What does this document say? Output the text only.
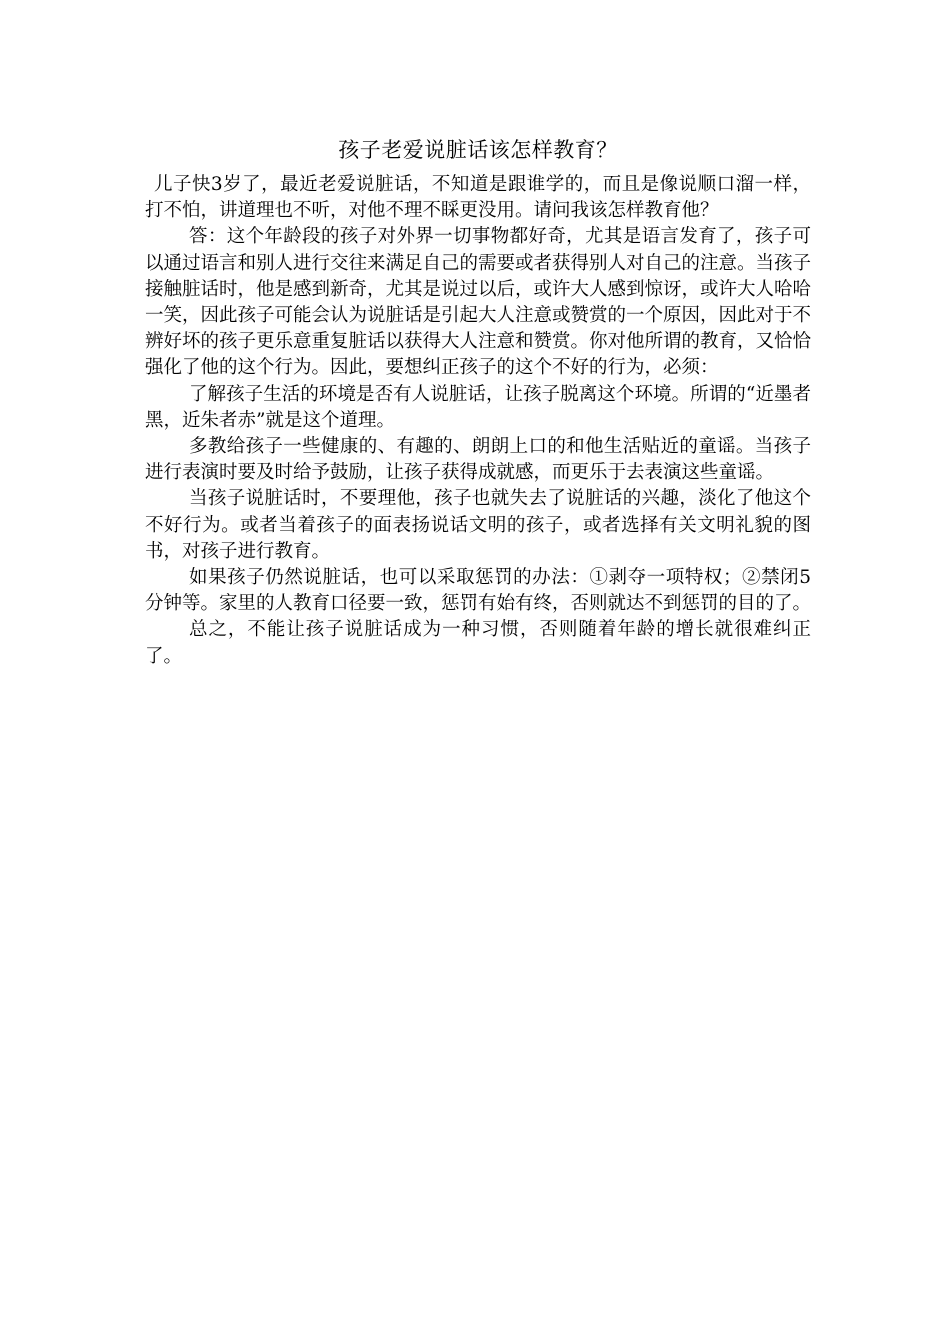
孩子老爱说脏话该怎样教育？

儿子快3岁了，最近老爱说脏话，不知道是跟谁学的，而且是像说顺口溜一样，打不怕，讲道理也不听，对他不理不睬更没用。请问我该怎样教育他？

答：这个年龄段的孩子对外界一切事物都好奇，尤其是语言发育了，孩子可以通过语言和别人进行交往来满足自己的需要或者获得别人对自己的注意。当孩子接触脏话时，他是感到新奇，尤其是说过以后，或许大人感到惊讶，或许大人哈哈一笑，因此孩子可能会认为说脏话是引起大人注意或赞赏的一个原因，因此对于不辨好坏的孩子更乐意重复脏话以获得大人注意和赞赏。你对他所谓的教育，又恰恰强化了他的这个行为。因此，要想纠正孩子的这个不好的行为，必须：

了解孩子生活的环境是否有人说脏话，让孩子脱离这个环境。所谓的“近墨者黑，近朱者赤”就是这个道理。

多教给孩子一些健康的、有趣的、朗朗上口的和他生活贴近的童谣。当孩子进行表演时要及时给予鼓励，让孩子获得成就感，而更乐于去表演这些童谣。

当孩子说脏话时，不要理他，孩子也就失去了说脏话的兴趣，淡化了他这个不好行为。或者当着孩子的面表扬说话文明的孩子，或者选择有关文明礼貌的图书，对孩子进行教育。

如果孩子仍然说脏话，也可以采取惩罚的办法：①剥夺一项特权；②禁闭5分钟等。家里的人教育口径要一致，惩罚有始有终，否则就达不到惩罚的目的了。

总之，不能让孩子说脏话成为一种习惯，否则随着年龄的增长就很难纠正了。
